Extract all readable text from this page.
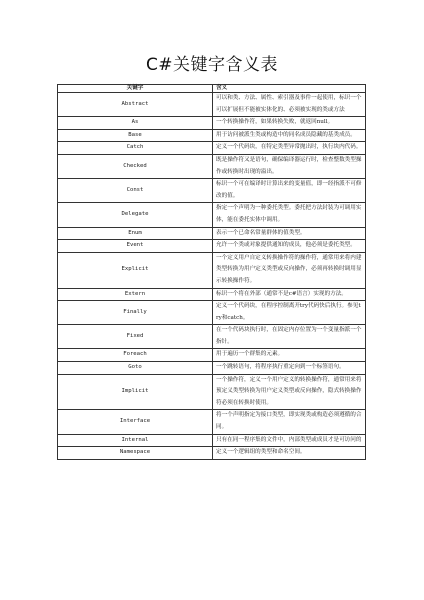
C#关键字含义表
关键字	含义
Abstract	可以和类、方法、属性、索引器及事件一起使用，标识一个可以扩展但不能被实体化的、必须被实现的类或方法
As	一个转换操作符，如果转换失败，就返回null。
Base	用于访问被派生类或构造中的同名成员隐藏的基类成员。
Catch	定义一个代码块，在特定类型异常抛出时，执行块内代码。
Checked	既是操作符又是语句，确保编译器运行时，检查整数类型操作或转换时出现的溢出。
Const	标识一个可在编译时计算出来的变量值，即一经指派不可修改的值。
Delegate	指定一个声明为一种委托类型。委托把方法封装为可调用实体，能在委托实体中调用。
Enum	表示一个已命名常量群体的值类型。
Event	允许一个类或对象提供通知的成员，他必须是委托类型。
Explicit	一个定义用户自定义转换操作符的操作符，通常用来将内建类型转换为用户定义类型或反向操作，必须再转换时调用显示转换操作符。
Extern	标识一个将在外部（通常不是c#语言）实现的方法。
Finally	定义一个代码块，在程序控制离开try代码快后执行。参见try和catch。
Fixed	在一个代码块执行时，在固定内存位置为一个变量指派一个指针。
Foreach	用于遍历一个群集的元素。
Goto	一个跳转语句，将程序执行重定向到一个标签语句。
Implicit	一个操作符，定义一个用户定义的转换操作符，通常用来将预定义类型转换为用户定义类型或反向操作，隐式转换操作符必须在转换时使用。
Interface	将一个声明指定为接口类型，即实现类或构造必须遵循的合同。
Internal	只有在同一程序集的文件中，内部类型或成员才是可访问的
Namespace	定义一个逻辑组的类型和命名空间。
